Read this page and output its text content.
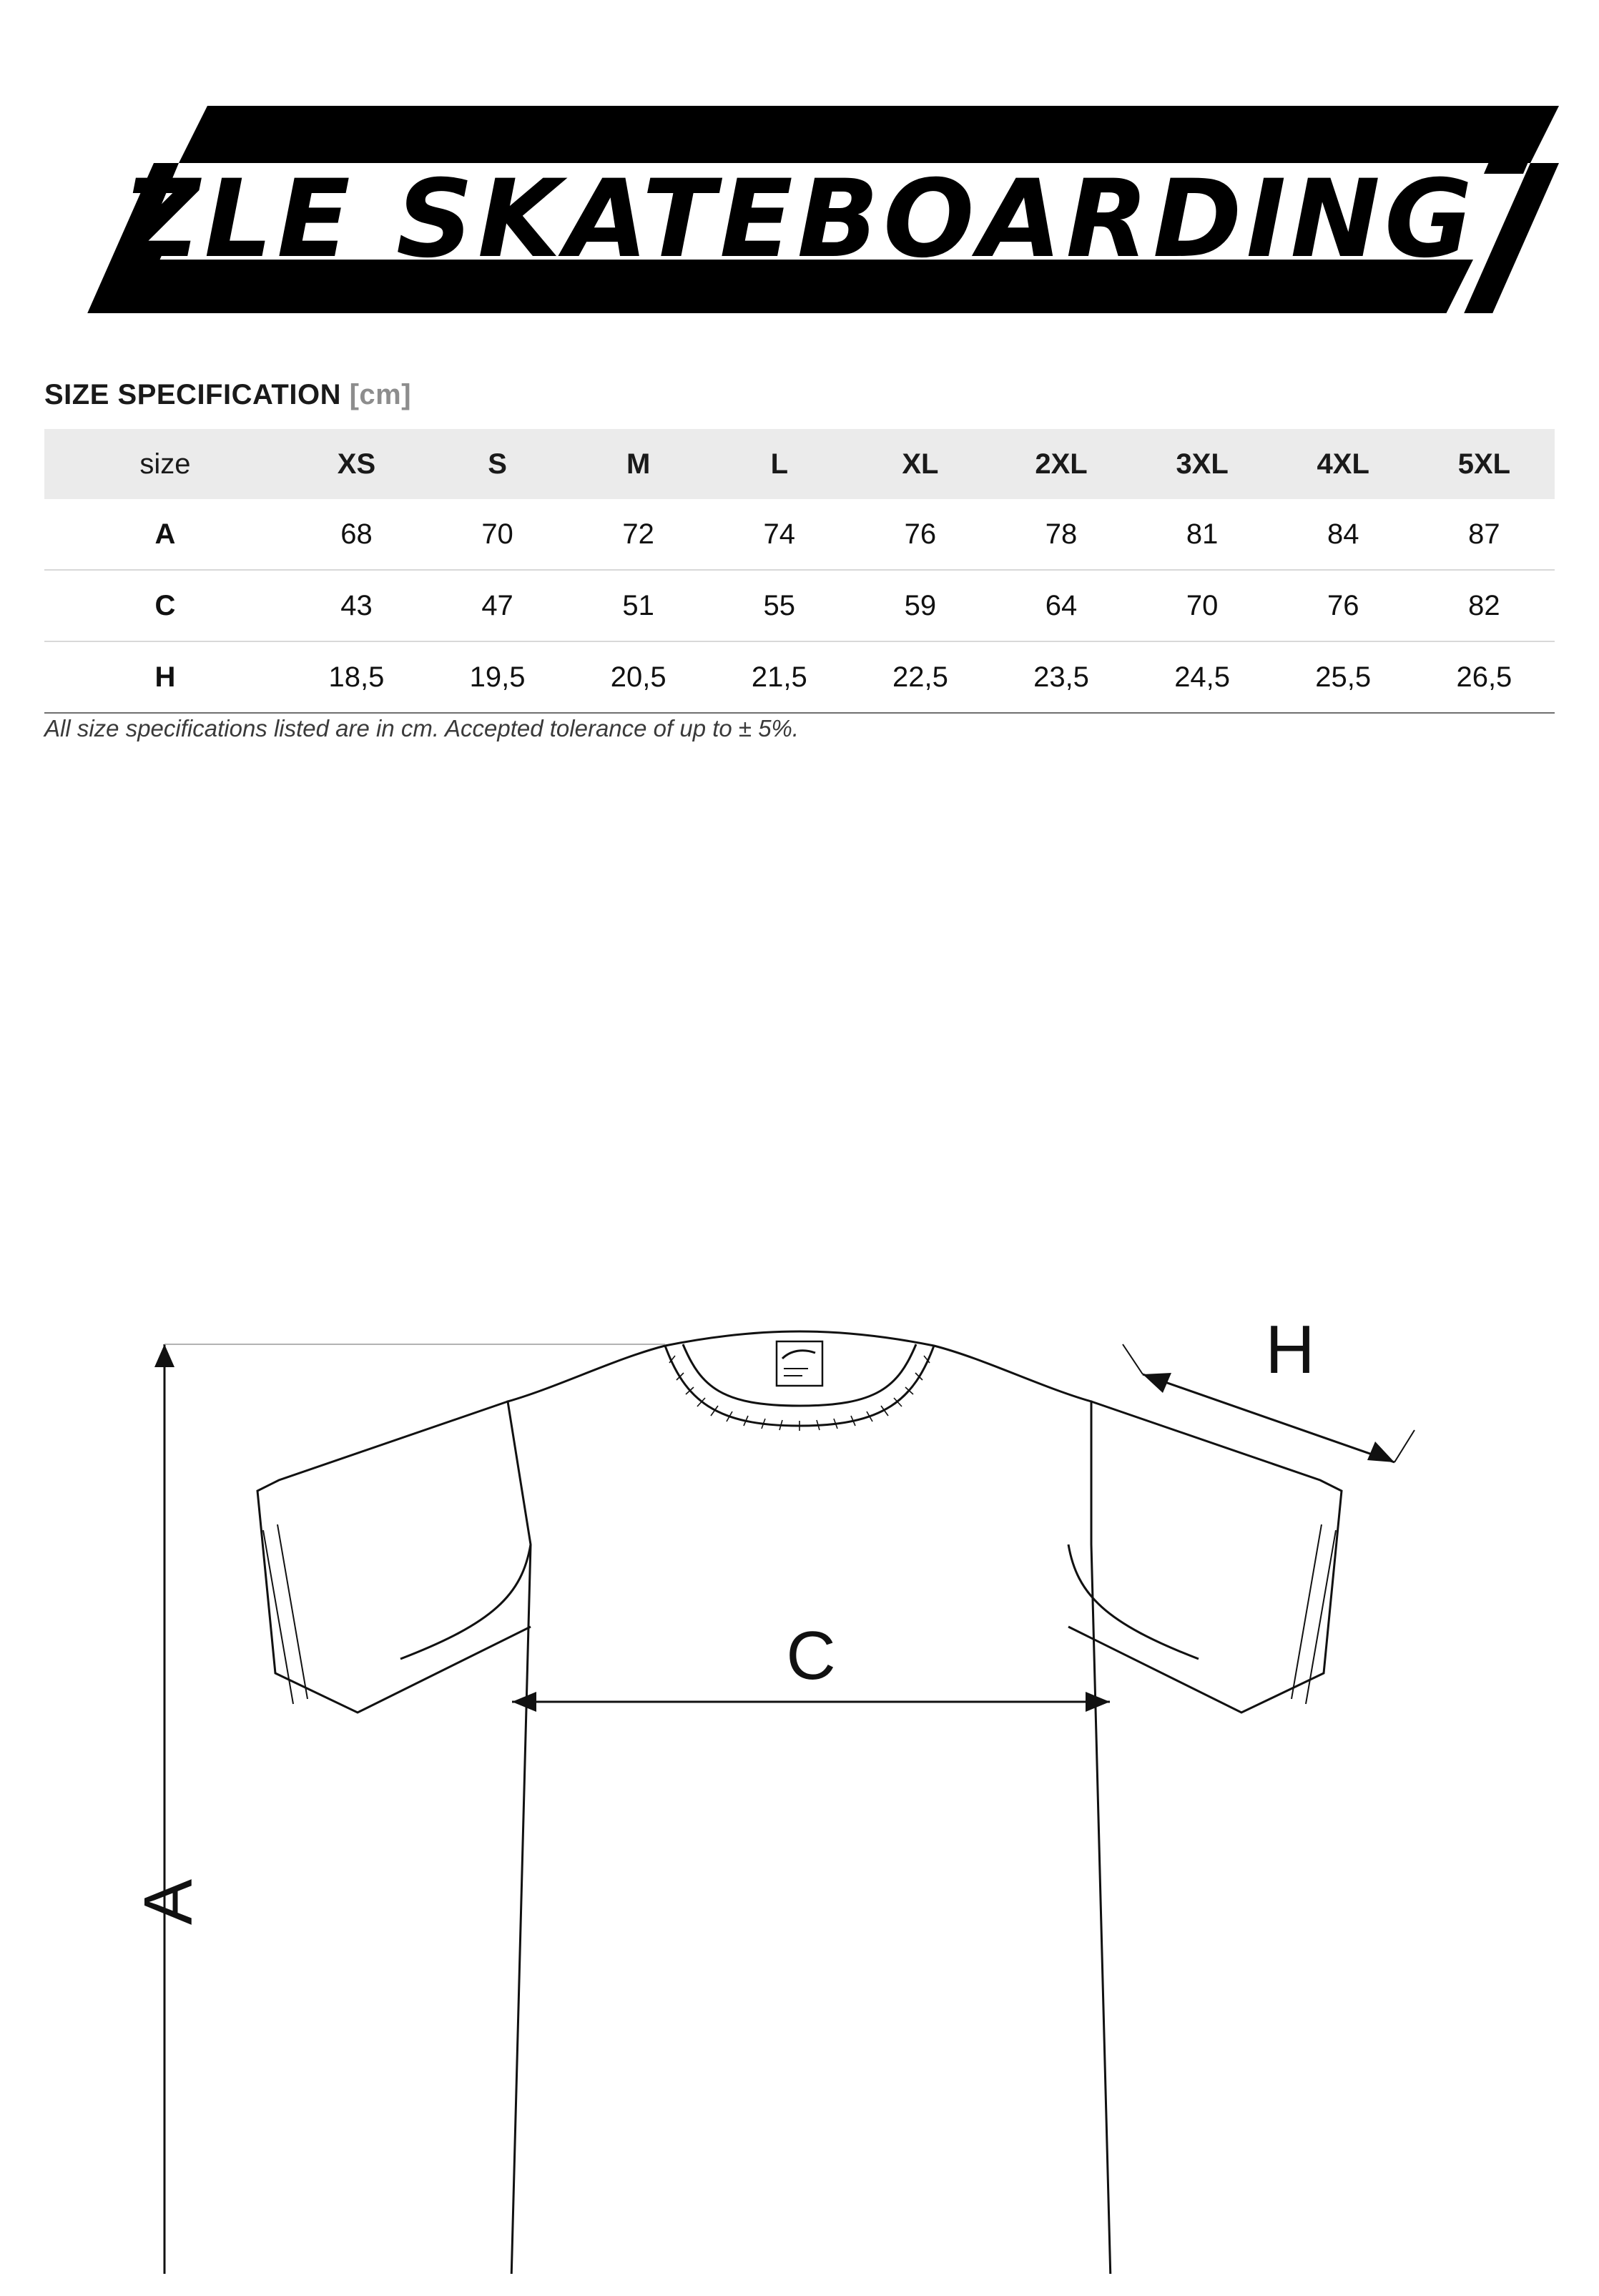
ZLE SKATEBOARDING
SIZE SPECIFICATION [cm]
size	XS	S	M	L	XL	2XL	3XL	4XL	5XL
A	68	70	72	74	76	78	81	84	87
C	43	47	51	55	59	64	70	76	82
H	18,5	19,5	20,5	21,5	22,5	23,5	24,5	25,5	26,5
All size specifications listed are in cm. Accepted tolerance of up to ± 5%.
A
C
H
